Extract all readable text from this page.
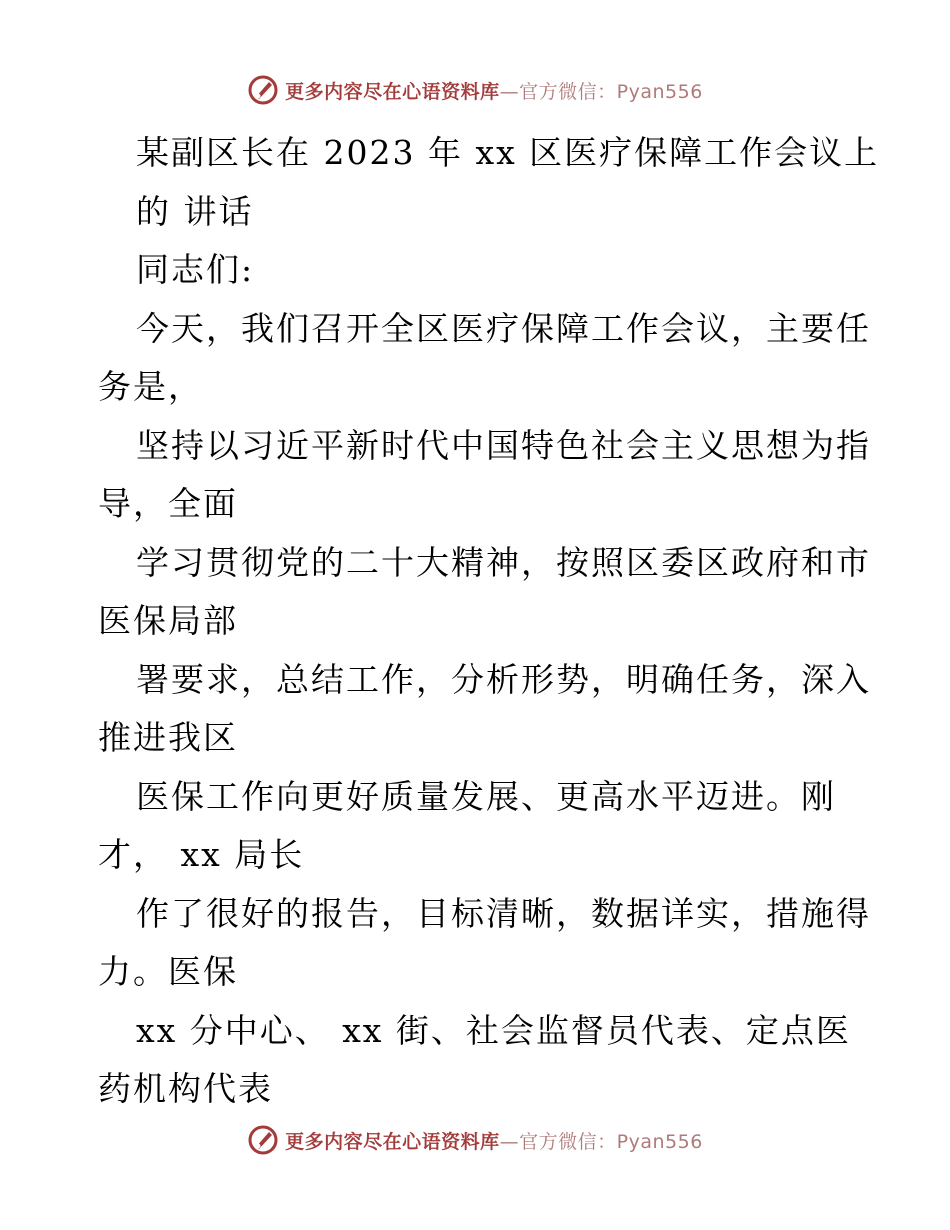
更多内容尽在心语资料库—官方微信：Pyan556
某副区长在 2023 年 xx 区医疗保障工作会议上
的 讲话
同志们:
今天，我们召开全区医疗保障工作会议，主要任
务是，
坚持以习近平新时代中国特色社会主义思想为指
导，全面
学习贯彻党的二十大精神，按照区委区政府和市
医保局部
署要求，总结工作，分析形势，明确任务，深入
推进我区
医保工作向更好质量发展、更高水平迈进。刚
才， xx 局长
作了很好的报告，目标清晰，数据详实，措施得
力。医保
xx 分中心、 xx 街、社会监督员代表、定点医
药机构代表
更多内容尽在心语资料库—官方微信：Pyan556
